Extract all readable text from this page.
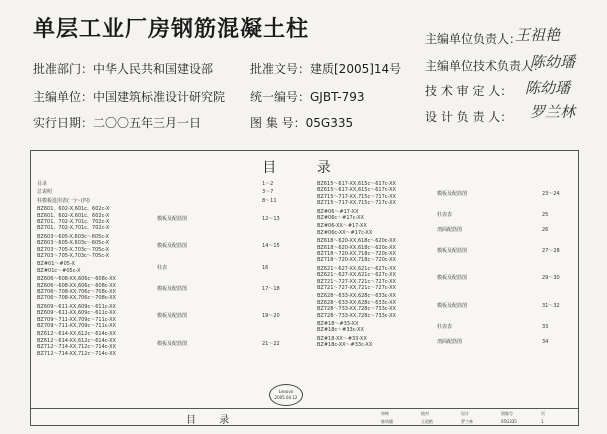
单层工业厂房钢筋混凝土柱
批准部门：中华人民共和国建设部
主编单位：中国建筑标准设计研究院
实行日期：二〇〇五年三月一日
批准文号：建质[2005]14号
统一编号：GJBT-793
图 集 号：05G335
主编单位负责人：
王祖艳
主编单位技术负责人：
陈幼璠
技 术 审 定 人： 陈幼璠
设 计 负 责 人： 罗兰林
目 录
目录	1～2
总说明	3～7
柱模板选用表(一)～(四)	8～11
BZ601、602-X,601c、602c-X
BZ601、602-X,601c、602c-X
BZ701、702-X,701c、702c-X
BZ701、702-X,701c、702c-X
模板及配筋图	12～13
BZ603～605-X,603c～605c-X
BZ603～605-X,603c～605c-X
BZ703～705-X,703c～705c-X
BZ703～705-X,703c～705c-X
模板及配筋图	14～15
BZ#01～#05-X
BZ#01c～#05c-X
柱表	16
BZ606～608-XX,606c～608c-XX
BZ606～608-XX,606c～608c-XX
BZ706～708-XX,706c～708c-XX
BZ706～708-XX,706c～708c-XX
模板及配筋图	17～18
BZ609～611-XX,609c～611c-XX
BZ609～611-XX,609c～611c-XX
BZ709～711-XX,709c～711c-XX
BZ709～711-XX,709c～711c-XX
模板及配筋图	19～20
BZ612～614-XX,612c～614c-XX
BZ612～614-XX,612c～614c-XX
BZ712～714-XX,712c～714c-XX
BZ712～714-XX,712c～714c-XX
模板及配筋图	21～22
BZ615～617-XX,615c～617c-XX
BZ615～617-XX,615c～617c-XX
BZ715～717-XX,715c～717c-XX
BZ715～717-XX,715c～717c-XX
模板及配筋图	23～24
BZ#06～#17-XX
BZ#06c～#17c-XX
柱表表	25
BZ#06-XX～#17-XX
BZ#06c-XX～#17c-XX
剖面配筋图	26
BZ618～620-XX,618c～620c-XX
BZ618～620-XX,618c～620c-XX
BZ718～720-XX,718c～720c-XX
BZ718～720-XX,718c～720c-XX
模板及配筋图	27～28
BZ621～627-XX,621c～627c-XX
BZ621～627-XX,621c～627c-XX
BZ721～727-XX,721c～727c-XX
BZ721～727-XX,721c～727c-XX
模板及配筋图	29～30
BZ628～633-XX,628c～633c-XX
BZ628～633-XX,628c～633c-XX
BZ728～733-XX,728c～733c-XX
BZ728～733-XX,728c～733c-XX
模板及配筋图	31～32
BZ#18～#33-XX
BZ#18c～#33c-XX
柱表表	33
BZ#18-XX～#33-XX
BZ#18c-XX～#33c-XX
剖面配筋图	34
Lenovo
2005.04.12
目 录
审核
陈幼璠
校对
王祖艳
设计
罗兰林
图集号
05G335
页
1
